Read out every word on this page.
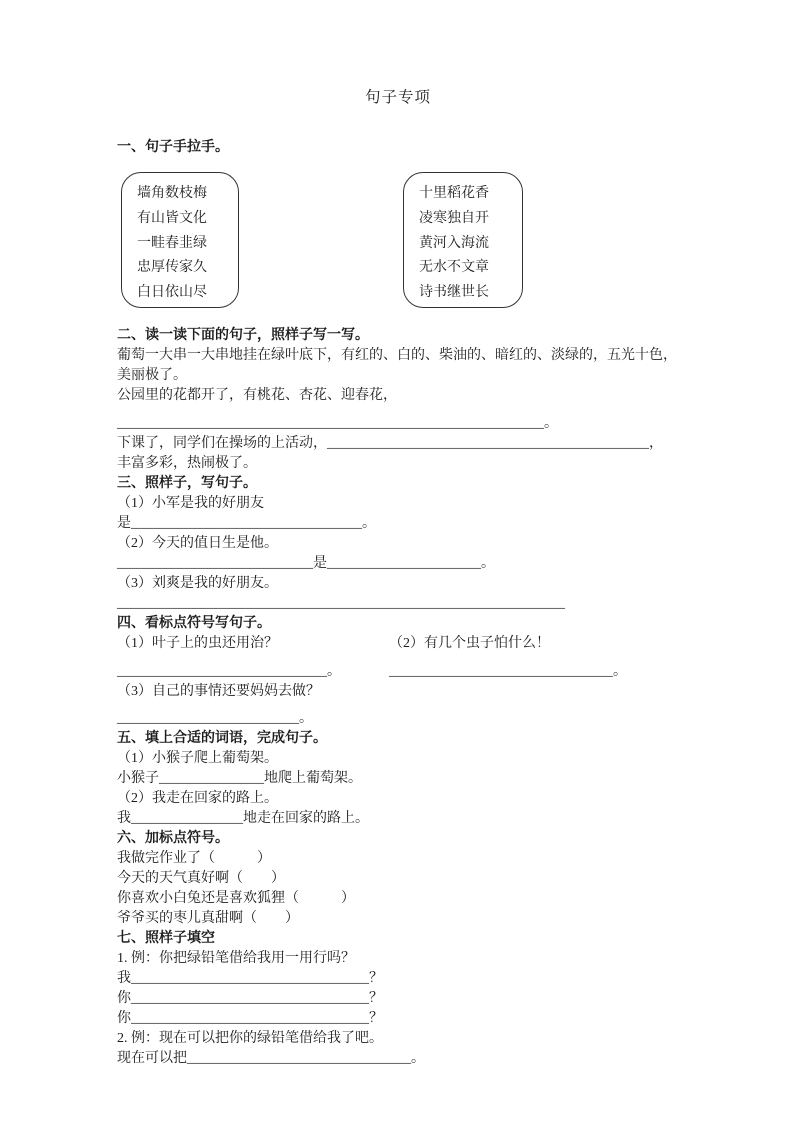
句子专项
一、句子手拉手。
墙角数枝梅
有山皆文化
一畦春韭绿
忠厚传家久
白日依山尽
十里稻花香
凌寒独自开
黄河入海流
无水不文章
诗书继世长
二、读一读下面的句子，照样子写一写。
葡萄一大串一大串地挂在绿叶底下，有红的、白的、柴油的、暗红的、淡绿的，五光十色，
美丽极了。
公园里的花都开了，有桃花、杏花、迎春花，
_____________________________________________________________。
下课了，同学们在操场的上活动，______________________________________________，
丰富多彩，热闹极了。
三、照样子，写句子。
（1）小军是我的好朋友
是_________________________________。
（2）今天的值日生是他。
____________________________是______________________。
（3）刘爽是我的好朋友。
________________________________________________________________
四、看标点符号写句子。
（1）叶子上的虫还用治？	（2）有几个虫子怕什么！
______________________________。	________________________________。
（3）自己的事情还要妈妈去做？
__________________________。
五、填上合适的词语，完成句子。
（1）小猴子爬上葡萄架。
小猴子_______________地爬上葡萄架。
（2）我走在回家的路上。
我________________地走在回家的路上。
六、加标点符号。
我做完作业了（　　　）
今天的天气真好啊（　　）
你喜欢小白兔还是喜欢狐狸（　　　）
爷爷买的枣儿真甜啊（　　）
七、照样子填空
1. 例：你把绿铅笔借给我用一用行吗？
我__________________________________？
你__________________________________？
你__________________________________？
2. 例：现在可以把你的绿铅笔借给我了吧。
现在可以把________________________________。
